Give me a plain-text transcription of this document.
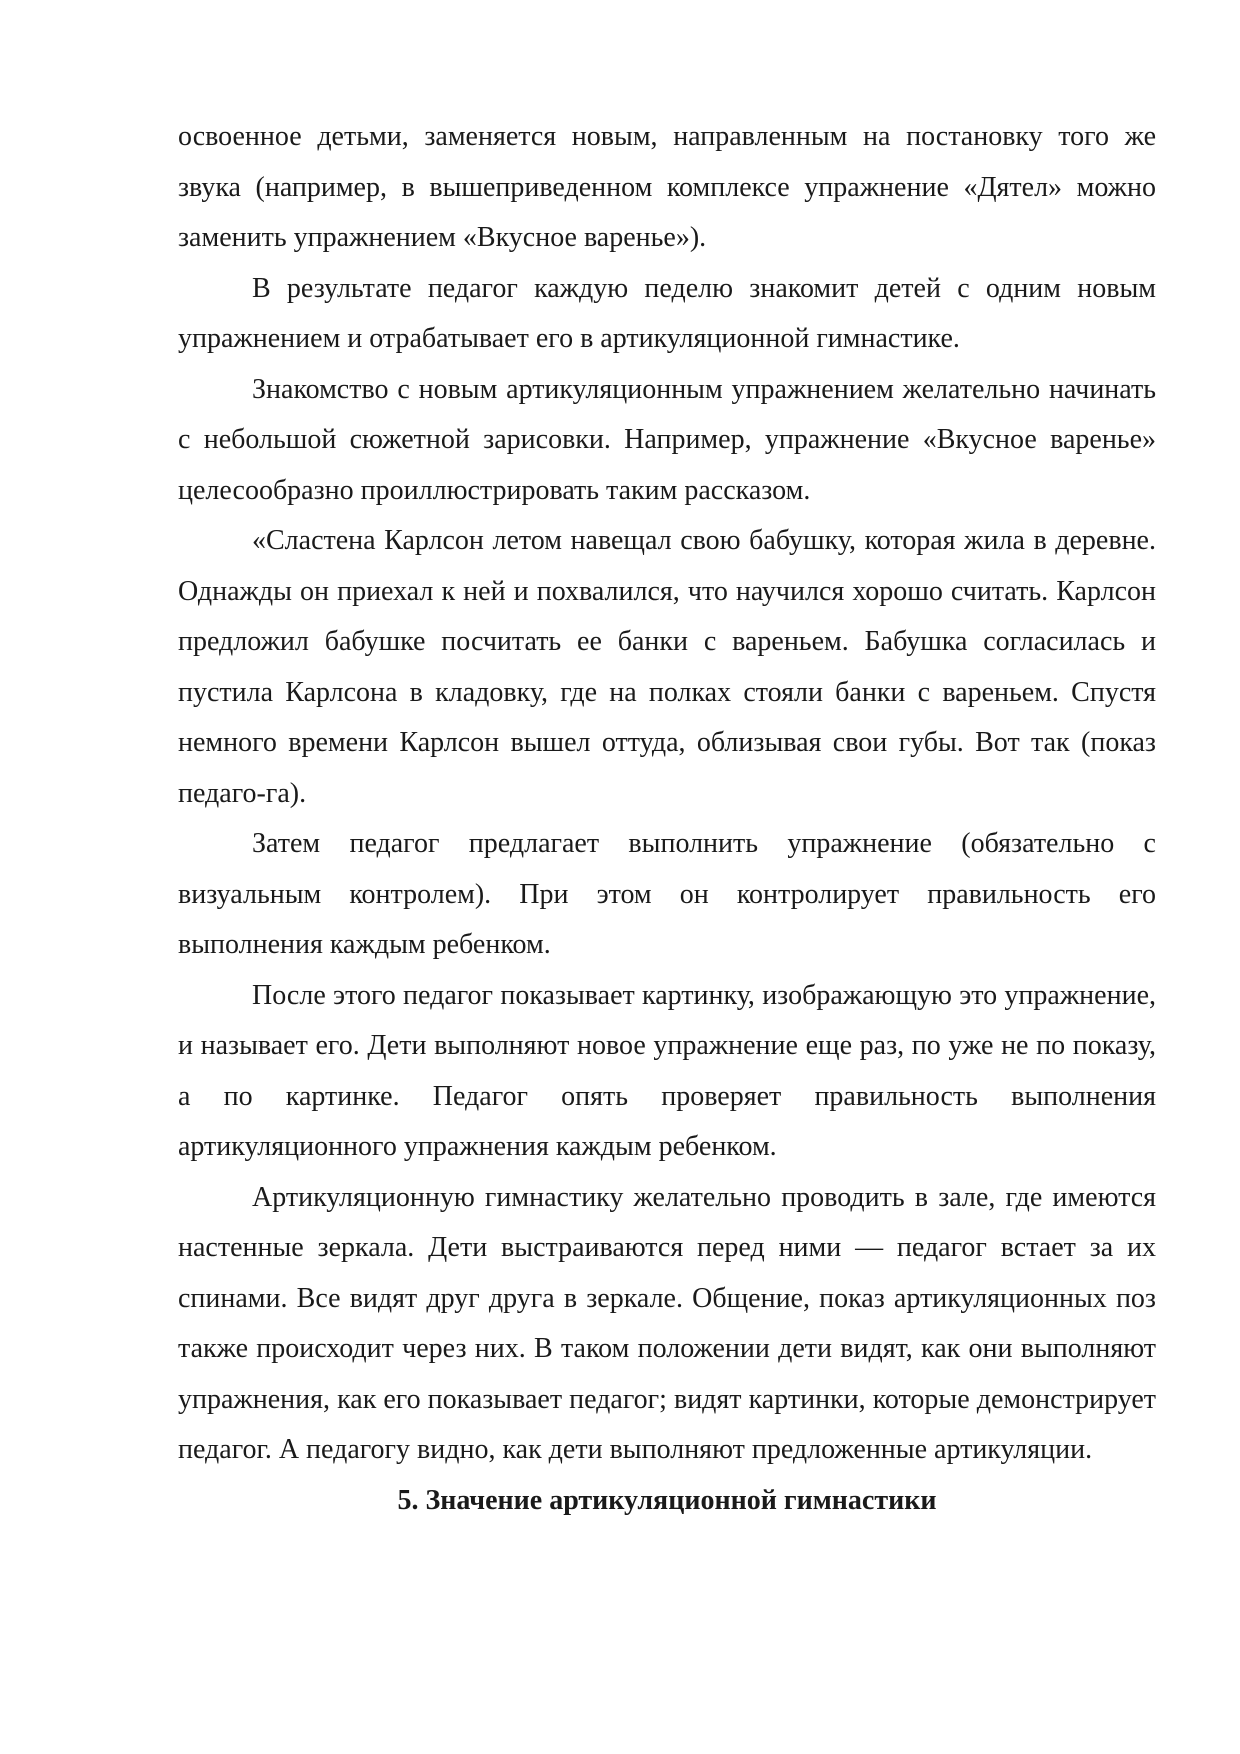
освоенное детьми, заменяется новым, направленным на постановку того же звука (например, в вышеприведенном комплексе упражнение «Дятел» можно заменить упражнением «Вкусное варенье»).

В результате педагог каждую педелю знакомит детей с одним новым упражнением и отрабатывает его в артикуляционной гимнастике.

Знакомство с новым артикуляционным упражнением желательно начинать с небольшой сюжетной зарисовки. Например, упражнение «Вкусное варенье» целесообразно проиллюстрировать таким рассказом.

«Сластена Карлсон летом навещал свою бабушку, которая жила в деревне. Однажды он приехал к ней и похвалился, что научился хорошо считать. Карлсон предложил бабушке посчитать ее банки с вареньем. Бабушка согласилась и пустила Карлсона в кладовку, где на полках стояли банки с вареньем. Спустя немного времени Карлсон вышел оттуда, облизывая свои губы. Вот так (показ педаго-га).

Затем педагог предлагает выполнить упражнение (обязательно с визуальным контролем). При этом он контролирует правильность его выполнения каждым ребенком.

После этого педагог показывает картинку, изображающую это упражнение, и называет его. Дети выполняют новое упражнение еще раз, по уже не по показу, а по картинке. Педагог опять проверяет правильность выполнения артикуляционного упражнения каждым ребенком.

Артикуляционную гимнастику желательно проводить в зале, где имеются настенные зеркала. Дети выстраиваются перед ними — педагог встает за их спинами. Все видят друг друга в зеркале. Общение, показ артикуляционных поз также происходит через них. В таком положении дети видят, как они выполняют упражнения, как его показывает педагог; видят картинки, которые демонстрирует педагог. А педагогу видно, как дети выполняют предложенные артикуляции.

5. Значение артикуляционной гимнастики
